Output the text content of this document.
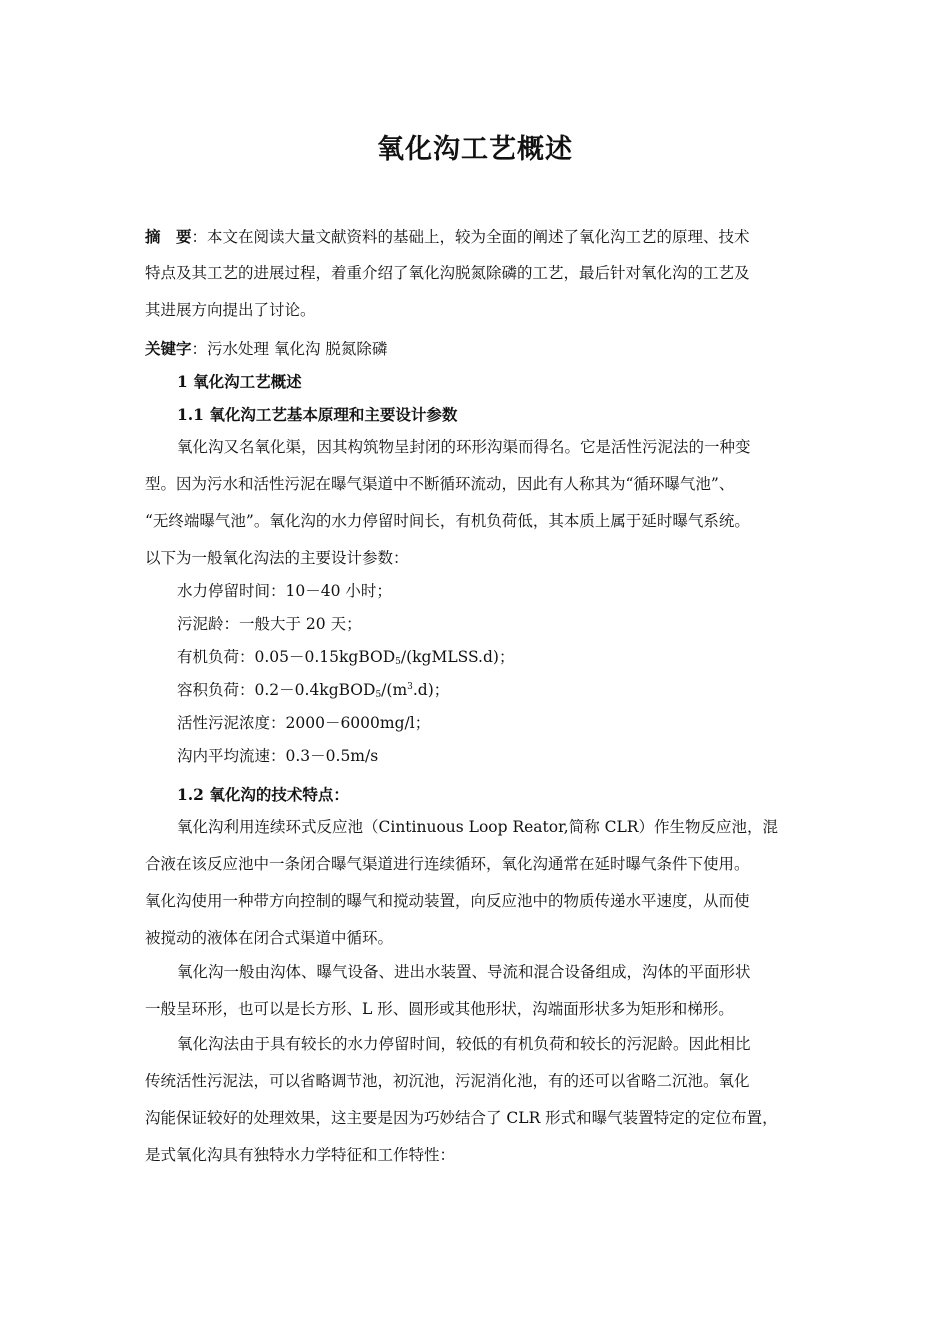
氧化沟工艺概述
摘　要：本文在阅读大量文献资料的基础上，较为全面的阐述了氧化沟工艺的原理、技术
特点及其工艺的进展过程，着重介绍了氧化沟脱氮除磷的工艺，最后针对氧化沟的工艺及
其进展方向提出了讨论。
关键字：污水处理 氧化沟 脱氮除磷
1 氧化沟工艺概述
1.1 氧化沟工艺基本原理和主要设计参数
氧化沟又名氧化渠，因其构筑物呈封闭的环形沟渠而得名。它是活性污泥法的一种变
型。因为污水和活性污泥在曝气渠道中不断循环流动，因此有人称其为“循环曝气池”、
“无终端曝气池”。氧化沟的水力停留时间长，有机负荷低，其本质上属于延时曝气系统。
以下为一般氧化沟法的主要设计参数：
水力停留时间：10－40 小时；
污泥龄：一般大于 20 天；
有机负荷：0.05－0.15kgBOD$_5$/(kgMLSS.d)；
容积负荷：$0.2-0.4kgBOD_5/(m^3.d)$；
活性污泥浓度：2000－6000mg/l；
沟内平均流速：0.3－0.5m/s
1.2 氧化沟的技术特点：
氧化沟利用连续环式反应池（Cintinuous Loop Reator,简称 CLR）作生物反应池，混
合液在该反应池中一条闭合曝气渠道进行连续循环，氧化沟通常在延时曝气条件下使用。
氧化沟使用一种带方向控制的曝气和搅动装置，向反应池中的物质传递水平速度，从而使
被搅动的液体在闭合式渠道中循环。
氧化沟一般由沟体、曝气设备、进出水装置、导流和混合设备组成，沟体的平面形状
一般呈环形，也可以是长方形、L 形、圆形或其他形状，沟端面形状多为矩形和梯形。
氧化沟法由于具有较长的水力停留时间，较低的有机负荷和较长的污泥龄。因此相比
传统活性污泥法，可以省略调节池，初沉池，污泥消化池，有的还可以省略二沉池。氧化
沟能保证较好的处理效果，这主要是因为巧妙结合了 CLR 形式和曝气装置特定的定位布置，
是式氧化沟具有独特水力学特征和工作特性：
